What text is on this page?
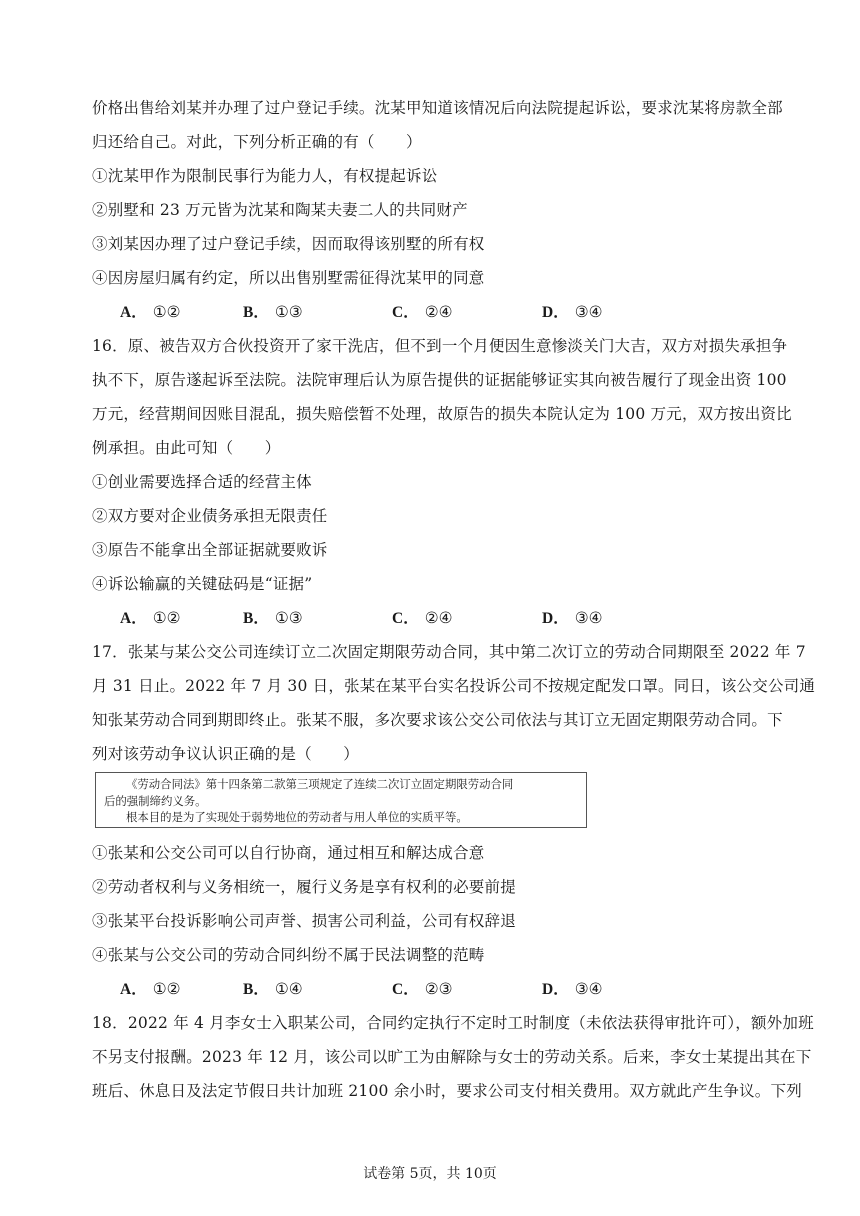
价格出售给刘某并办理了过户登记手续。沈某甲知道该情况后向法院提起诉讼，要求沈某将房款全部
归还给自己。对此，下列分析正确的有（　　）
①沈某甲作为限制民事行为能力人，有权提起诉讼
②别墅和 23 万元皆为沈某和陶某夫妻二人的共同财产
③刘某因办理了过户登记手续，因而取得该别墅的所有权
④因房屋归属有约定，所以出售别墅需征得沈某甲的同意
A． ①②	B． ①③	C． ②④	D． ③④
16．原、被告双方合伙投资开了家干洗店，但不到一个月便因生意惨淡关门大吉，双方对损失承担争
执不下，原告遂起诉至法院。法院审理后认为原告提供的证据能够证实其向被告履行了现金出资 100
万元，经营期间因账目混乱，损失赔偿暂不处理，故原告的损失本院认定为 100 万元，双方按出资比
例承担。由此可知（　　）
①创业需要选择合适的经营主体
②双方要对企业债务承担无限责任
③原告不能拿出全部证据就要败诉
④诉讼输赢的关键砝码是“证据”
A． ①②	B． ①③	C． ②④	D． ③④
17．张某与某公交公司连续订立二次固定期限劳动合同，其中第二次订立的劳动合同期限至 2022 年 7
月 31 日止。2022 年 7 月 30 日，张某在某平台实名投诉公司不按规定配发口罩。同日，该公交公司通
知张某劳动合同到期即终止。张某不服，多次要求该公交公司依法与其订立无固定期限劳动合同。下
列对该劳动争议认识正确的是（　　）
《劳动合同法》第十四条第二款第三项规定了连续二次订立固定期限劳动合同
后的强制缔约义务。
根本目的是为了实现处于弱势地位的劳动者与用人单位的实质平等。
①张某和公交公司可以自行协商，通过相互和解达成合意
②劳动者权利与义务相统一，履行义务是享有权利的必要前提
③张某平台投诉影响公司声誉、损害公司利益，公司有权辞退
④张某与公交公司的劳动合同纠纷不属于民法调整的范畴
A． ①②	B． ①④	C． ②③	D． ③④
18．2022 年 4 月李女士入职某公司，合同约定执行不定时工时制度（未依法获得审批许可），额外加班
不另支付报酬。2023 年 12 月，该公司以旷工为由解除与女士的劳动关系。后来，李女士某提出其在下
班后、休息日及法定节假日共计加班 2100 余小时，要求公司支付相关费用。双方就此产生争议。下列
试卷第 5页，共 10页
